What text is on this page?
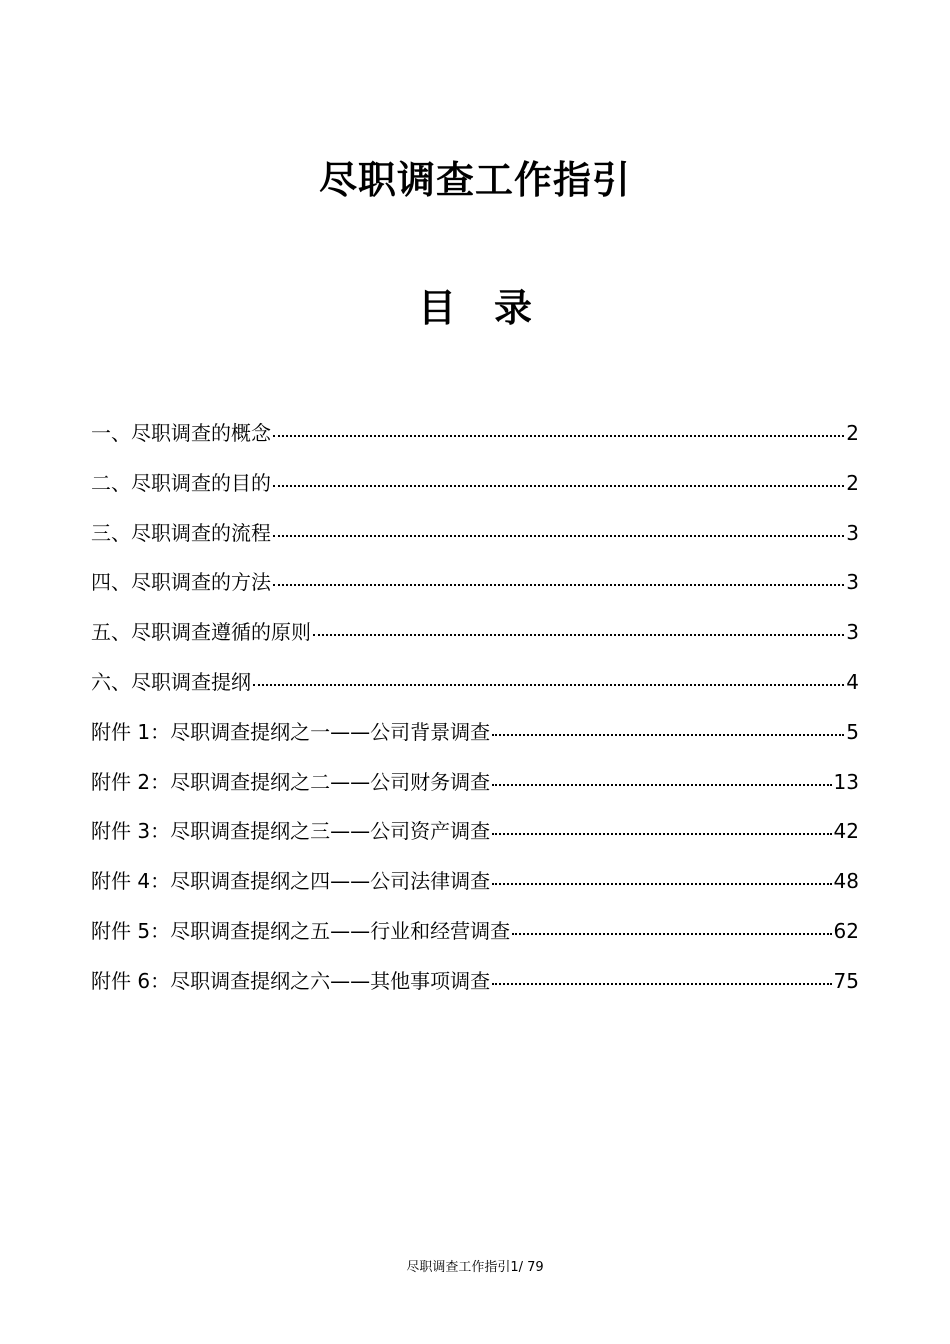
尽职调查工作指引
目 录
一、尽职调查的概念	2
二、尽职调查的目的	2
三、尽职调查的流程	3
四、尽职调查的方法	3
五、尽职调查遵循的原则	3
六、尽职调查提纲	4
附件 1：尽职调查提纲之一——公司背景调查	5
附件 2：尽职调查提纲之二——公司财务调查	13
附件 3：尽职调查提纲之三——公司资产调查	42
附件 4：尽职调查提纲之四——公司法律调查	48
附件 5：尽职调查提纲之五——行业和经营调查	62
附件 6：尽职调查提纲之六——其他事项调查	75
尽职调查工作指引1/ 79
